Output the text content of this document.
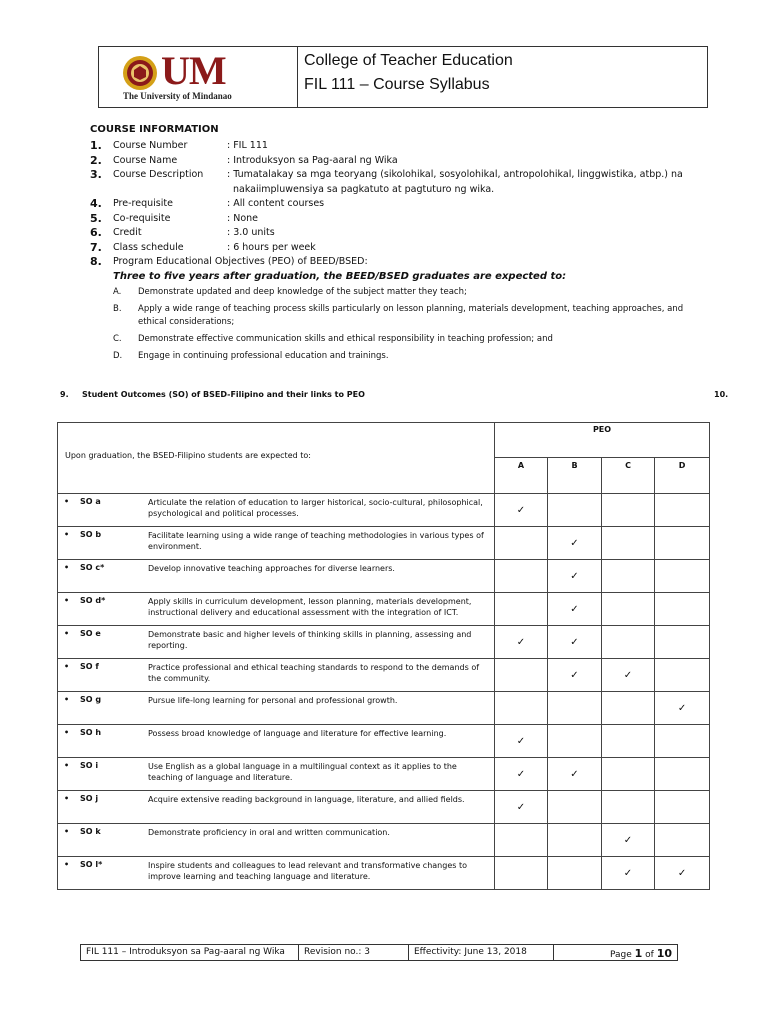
UM
The University of Mindanao
College of Teacher Education
FIL 111 – Course Syllabus
COURSE INFORMATION
1.	Course Number	: FIL 111
2.	Course Name	: Introduksyon sa Pag-aaral ng Wika
3.	Course Description	: Tumatalakay sa mga teoryang (sikolohikal, sosyolohikal, antropolohikal, linggwistika, atbp.) na
nakaiimpluwensiya sa pagkatuto at pagtuturo ng wika.
4.	Pre-requisite	: All content courses
5.	Co-requisite	: None
6.	Credit	: 3.0 units
7.	Class schedule	: 6 hours per week
8.	Program Educational Objectives (PEO) of BEED/BSED:
Three to five years after graduation, the BEED/BSED graduates are expected to:
A.	Demonstrate updated and deep knowledge of the subject matter they teach;
B.	Apply a wide range of teaching process skills particularly on lesson planning, materials development, teaching approaches, and ethical considerations;
C.	Demonstrate effective communication skills and ethical responsibility in teaching profession; and
D.	Engage in continuing professional education and trainings.
9. Student Outcomes (SO) of BSED-Filipino and their links to PEO	10.
Upon graduation, the BSED-Filipino students are expected to:	PEO			
	A	B	C	D

• SO a Articulate the relation of education to larger historical, socio-cultural, philosophical, psychological and political processes.	✓			

• SO b Facilitate learning using a wide range of teaching methodologies in various types of environment.		✓		

• SO c* Develop innovative teaching approaches for diverse learners.		✓		

• SO d* Apply skills in curriculum development, lesson planning, materials development, instructional delivery and educational assessment with the integration of ICT.		✓		

• SO e Demonstrate basic and higher levels of thinking skills in planning, assessing and reporting.	✓	✓		

• SO f Practice professional and ethical teaching standards to respond to the demands of the community.		✓	✓	

• SO g Pursue life-long learning for personal and professional growth.				✓

• SO h Possess broad knowledge of language and literature for effective learning.	✓			

• SO i Use English as a global language in a multilingual context as it applies to the teaching of language and literature.	✓	✓		

• SO j Acquire extensive reading background in language, literature, and allied fields.	✓			

• SO k Demonstrate proficiency in oral and written communication.			✓	

• SO l* Inspire students and colleagues to lead relevant and transformative changes to improve learning and teaching language and literature.			✓	✓
FIL 111 – Introduksyon sa Pag-aaral ng Wika	Revision no.: 3	Effectivity: June 13, 2018	Page 1 of 10
